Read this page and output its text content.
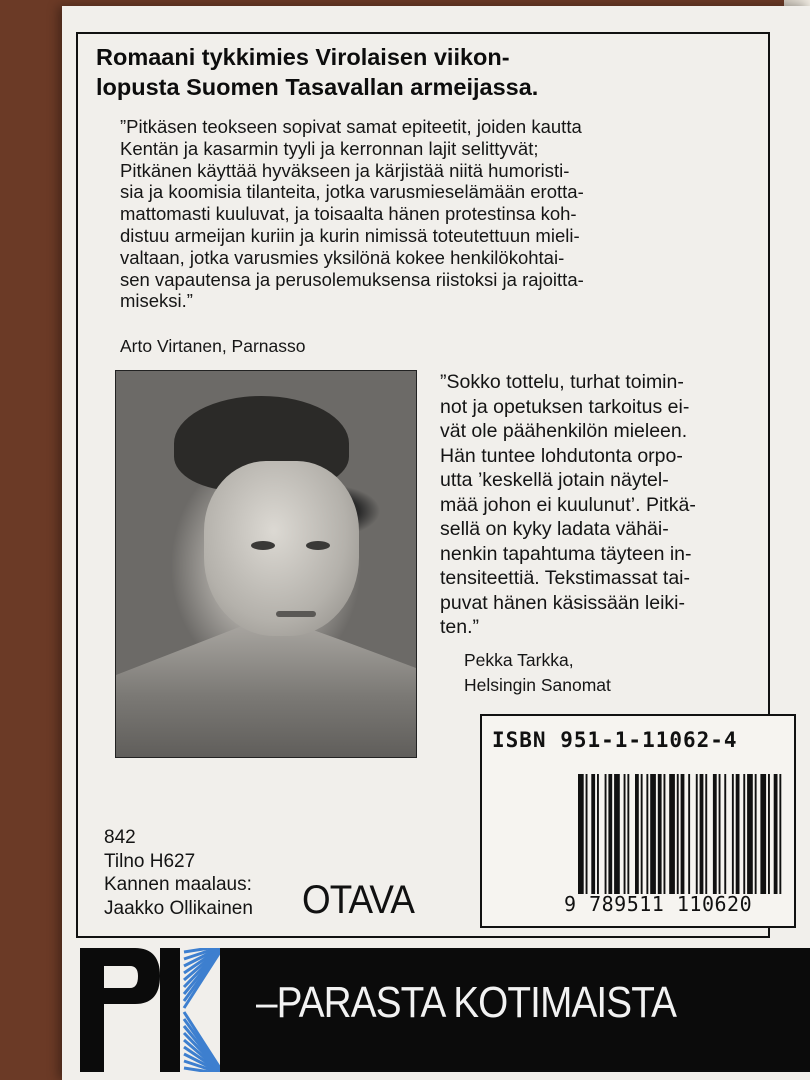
Romaani tykkimies Virolaisen viikon-
lopusta Suomen Tasavallan armeijassa.
”Pitkäsen teokseen sopivat samat epiteetit, joiden kautta
Kentän ja kasarmin tyyli ja kerronnan lajit selittyvät;
Pitkänen käyttää hyväkseen ja kärjistää niitä humoristi-
sia ja koomisia tilanteita, jotka varusmieselämään erotta-
mattomasti kuuluvat, ja toisaalta hänen protestinsa koh-
distuu armeijan kuriin ja kurin nimissä toteutettuun mieli-
valtaan, jotka varusmies yksilönä kokee henkilökohtai-
sen vapautensa ja perusolemuksensa riistoksi ja rajoitta-
miseksi.”

Arto Virtanen, Parnasso

”Sokko tottelu, turhat toimin-
not ja opetuksen tarkoitus ei-
vät ole päähenkilön mieleen.
Hän tuntee lohdutonta orpo-
utta ’keskellä jotain näytel-
mää johon ei kuulunut’. Pitkä-
sellä on kyky ladata vähäi-
nenkin tapahtuma täyteen in-
tensiteettiä. Tekstimassat tai-
puvat hänen käsissään leiki-
ten.”
Pekka Tarkka,
Helsingin Sanomat

ISBN 951-1-11062-4

9 789511 110620

842
Tilno H627
Kannen maalaus:
Jaakko Ollikainen OTAVA

–PARASTA KOTIMAISTA
